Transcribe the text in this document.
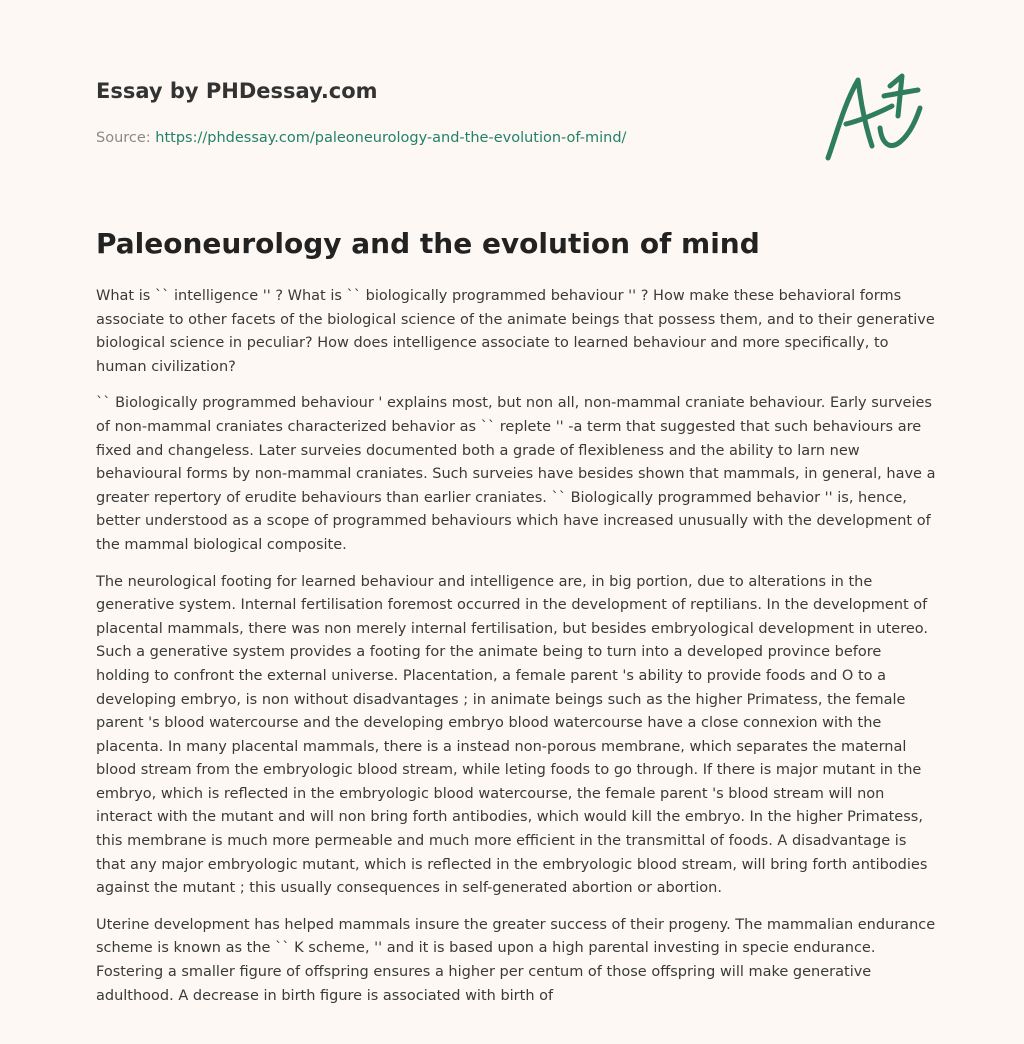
Essay by PHDessay.com
Source: https://phdessay.com/paleoneurology-and-the-evolution-of-mind/
Paleoneurology and the evolution of mind

What is `` intelligence '' ? What is `` biologically programmed behaviour '' ? How make these behavioral forms associate to other facets of the biological science of the animate beings that possess them, and to their generative biological science in peculiar? How does intelligence associate to learned behaviour and more specifically, to human civilization?

`` Biologically programmed behaviour ' explains most, but non all, non-mammal craniate behaviour. Early surveies of non-mammal craniates characterized behavior as `` replete '' -a term that suggested that such behaviours are fixed and changeless. Later surveies documented both a grade of flexibleness and the ability to larn new behavioural forms by non-mammal craniates. Such surveies have besides shown that mammals, in general, have a greater repertory of erudite behaviours than earlier craniates. `` Biologically programmed behavior '' is, hence, better understood as a scope of programmed behaviours which have increased unusually with the development of the mammal biological composite.

The neurological footing for learned behaviour and intelligence are, in big portion, due to alterations in the generative system. Internal fertilisation foremost occurred in the development of reptilians. In the development of placental mammals, there was non merely internal fertilisation, but besides embryological development in utereo. Such a generative system provides a footing for the animate being to turn into a developed province before holding to confront the external universe. Placentation, a female parent 's ability to provide foods and O to a developing embryo, is non without disadvantages ; in animate beings such as the higher Primatess, the female parent 's blood watercourse and the developing embryo blood watercourse have a close connexion with the placenta. In many placental mammals, there is a instead non-porous membrane, which separates the maternal blood stream from the embryologic blood stream, while leting foods to go through. If there is major mutant in the embryo, which is reflected in the embryologic blood watercourse, the female parent 's blood stream will non interact with the mutant and will non bring forth antibodies, which would kill the embryo. In the higher Primatess, this membrane is much more permeable and much more efficient in the transmittal of foods. A disadvantage is that any major embryologic mutant, which is reflected in the embryologic blood stream, will bring forth antibodies against the mutant ; this usually consequences in self-generated abortion or abortion.

Uterine development has helped mammals insure the greater success of their progeny. The mammalian endurance scheme is known as the `` K scheme, '' and it is based upon a high parental investing in specie endurance. Fostering a smaller figure of offspring ensures a higher per centum of those offspring will make generative adulthood. A decrease in birth figure is associated with birth of
